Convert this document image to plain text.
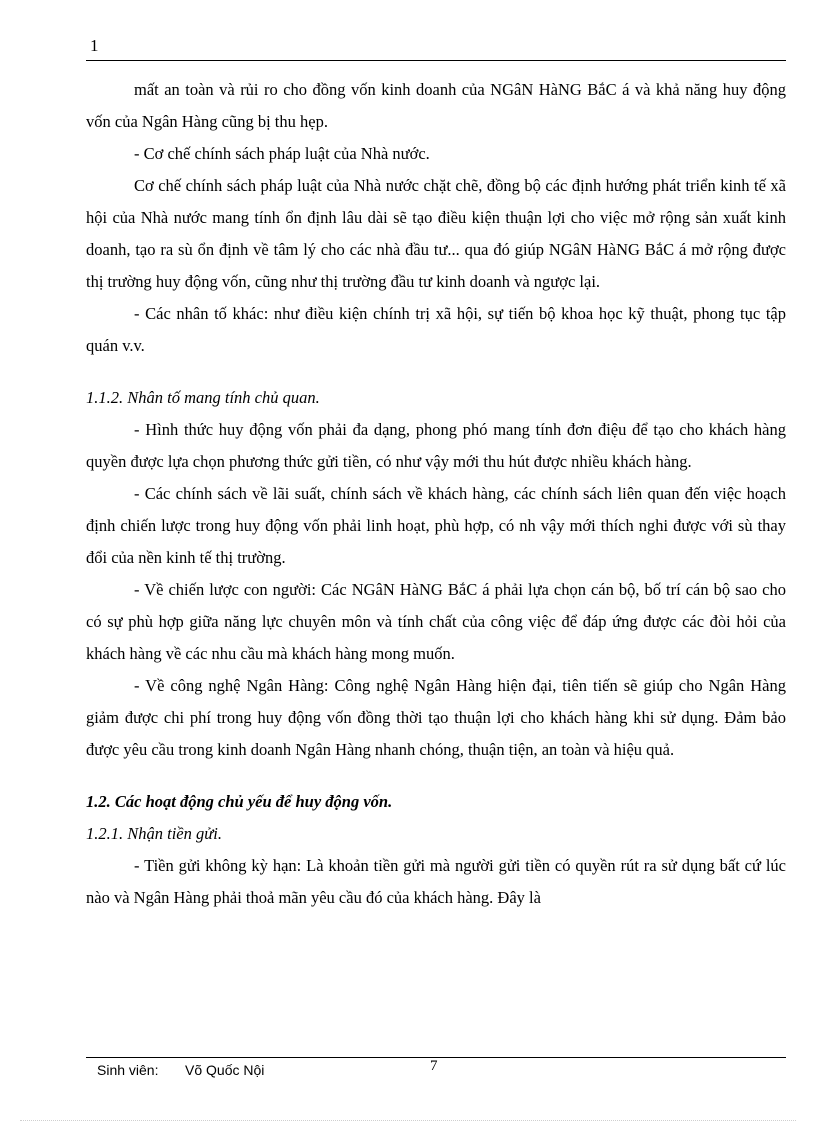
1

mất an toàn và rủi ro cho đồng vốn kinh doanh của NGâN HàNG BắC á và khả năng huy động vốn của Ngân Hàng cũng bị thu hẹp.

- Cơ chế chính sách pháp luật của Nhà nước.

Cơ chế chính sách pháp luật của Nhà nước chặt chẽ, đồng bộ các định hướng phát triển kinh tế xã hội của Nhà nước mang tính ổn định lâu dài sẽ tạo điều kiện thuận lợi cho việc mở rộng sản xuất kinh doanh, tạo ra sù ổn định về tâm lý cho các nhà đầu tư... qua đó giúp NGâN HàNG BắC á mở rộng được thị trường huy động vốn, cũng như thị trường đầu tư kinh doanh và ngược lại.

- Các nhân tố khác: như điều kiện chính trị xã hội, sự tiến bộ khoa học kỹ thuật, phong tục tập quán v.v.

1.1.2. Nhân tố mang tính chủ quan.

- Hình thức huy động vốn phải đa dạng, phong phó mang tính đơn điệu để tạo cho khách hàng quyền được lựa chọn phương thức gửi tiền, có như vậy mới thu hút được nhiều khách hàng.

- Các chính sách về lãi suất, chính sách về khách hàng, các chính sách liên quan đến việc hoạch định chiến lược trong huy động vốn phải linh hoạt, phù hợp, có nh vậy mới thích nghi được với sù thay đổi của nền kinh tế thị trường.

- Về chiến lược con người: Các NGâN HàNG BắC á phải lựa chọn cán bộ, bố trí cán bộ sao cho có sự phù hợp giữa năng lực chuyên môn và tính chất của công việc để đáp ứng được các đòi hỏi của khách hàng về các nhu cầu mà khách hàng mong muốn.

- Về công nghệ Ngân Hàng: Công nghệ Ngân Hàng hiện đại, tiên tiến sẽ giúp cho Ngân Hàng giảm được chi phí trong huy động vốn đồng thời tạo thuận lợi cho khách hàng khi sử dụng. Đảm bảo được yêu cầu trong kinh doanh Ngân Hàng nhanh chóng, thuận tiện, an toàn và hiệu quả.

1.2. Các hoạt động chủ yếu để huy động vốn.

1.2.1. Nhận tiền gửi.

- Tiền gửi không kỳ hạn: Là khoản tiền gửi mà người gửi tiền có quyền rút ra sử dụng bất cứ lúc nào và Ngân Hàng phải thoả mãn yêu cầu đó của khách hàng. Đây là

Sinh viên: Võ Quốc Nội	7
